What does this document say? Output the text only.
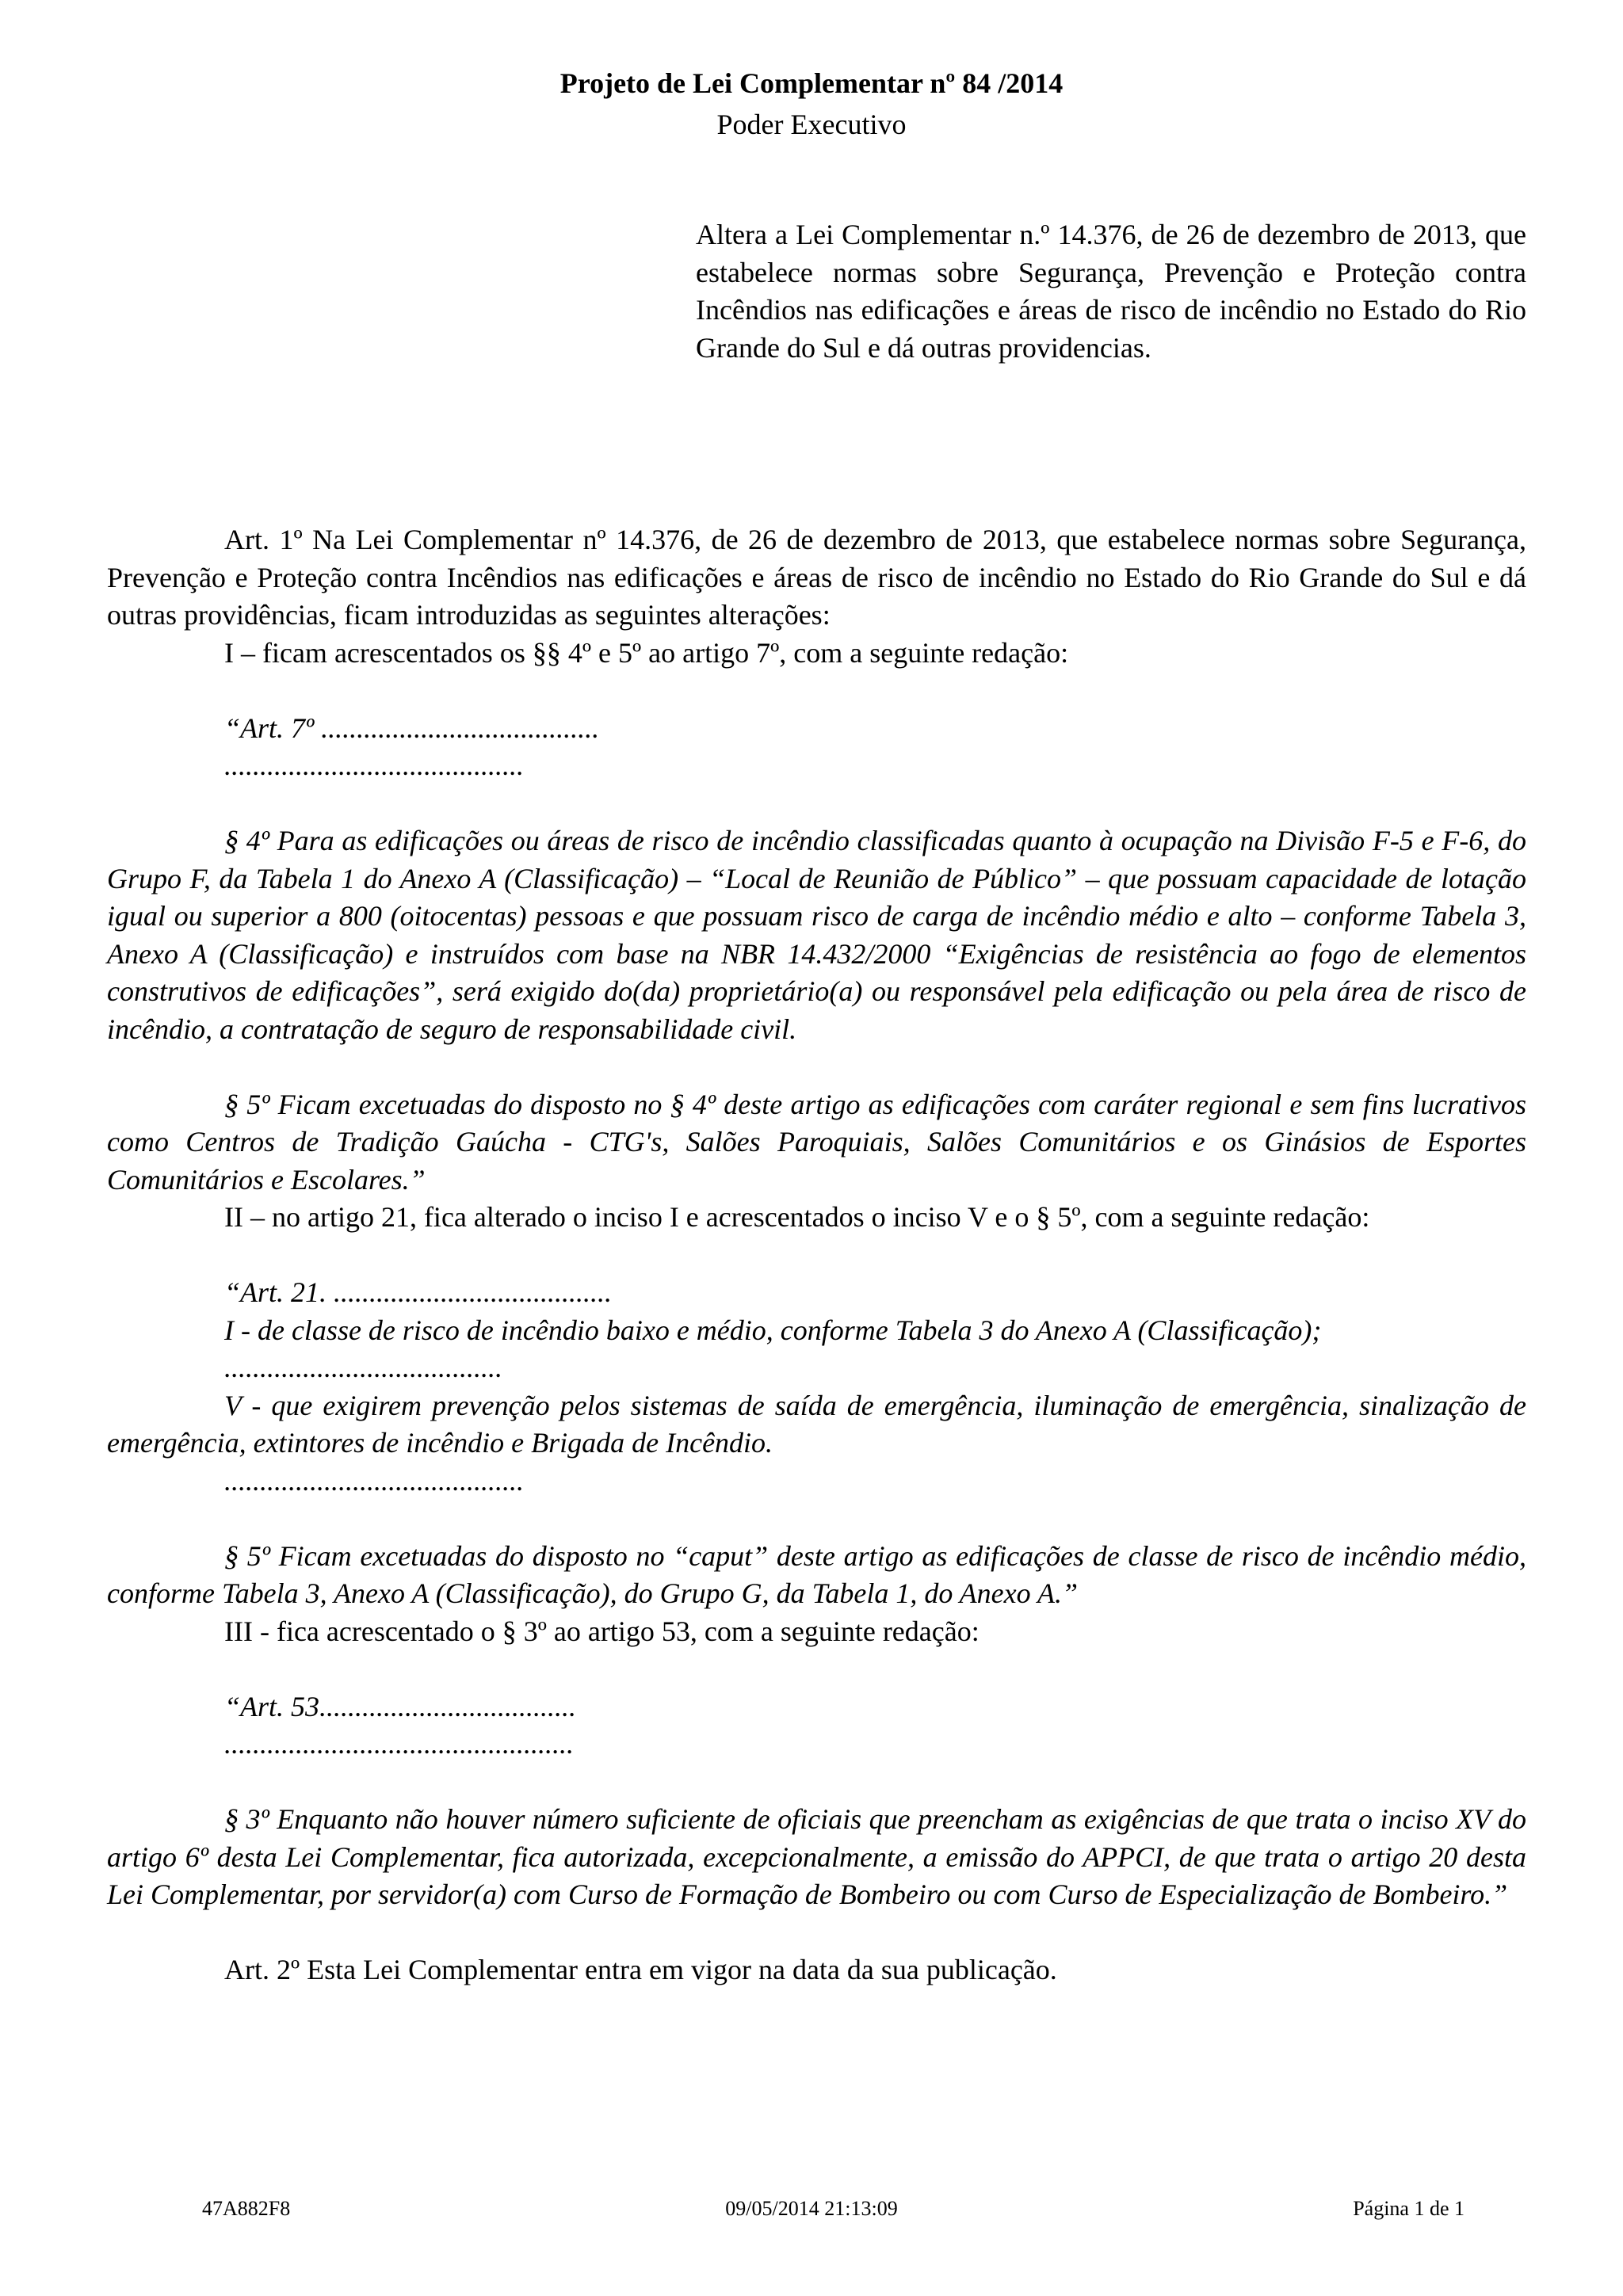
Projeto de Lei Complementar nº 84 /2014
Poder Executivo
Altera a Lei Complementar n.º 14.376, de 26 de dezembro de 2013, que estabelece normas sobre Segurança, Prevenção e Proteção contra Incêndios nas edificações e áreas de risco de incêndio no Estado do Rio Grande do Sul e dá outras providencias.

Art. 1º Na Lei Complementar nº 14.376, de 26 de dezembro de 2013, que estabelece normas sobre Segurança, Prevenção e Proteção contra Incêndios nas edificações e áreas de risco de incêndio no Estado do Rio Grande do Sul e dá outras providências, ficam introduzidas as seguintes alterações:

I – ficam acrescentados os §§ 4º e 5º ao artigo 7º, com a seguinte redação:

“Art. 7º .......................................

..........................................

§ 4º Para as edificações ou áreas de risco de incêndio classificadas quanto à ocupação na Divisão F-5 e F-6, do Grupo F, da Tabela 1 do Anexo A (Classificação) – “Local de Reunião de Público” – que possuam capacidade de lotação igual ou superior a 800 (oitocentas) pessoas e que possuam risco de carga de incêndio médio e alto – conforme Tabela 3, Anexo A (Classificação) e instruídos com base na NBR 14.432/2000 “Exigências de resistência ao fogo de elementos construtivos de edificações”, será exigido do(da) proprietário(a) ou responsável pela edificação ou pela área de risco de incêndio, a contratação de seguro de responsabilidade civil.

§ 5º Ficam excetuadas do disposto no § 4º deste artigo as edificações com caráter regional e sem fins lucrativos como Centros de Tradição Gaúcha - CTG's, Salões Paroquiais, Salões Comunitários e os Ginásios de Esportes Comunitários e Escolares.”

II – no artigo 21, fica alterado o inciso I e acrescentados o inciso V e o § 5º, com a seguinte redação:

“Art. 21. .......................................

I - de classe de risco de incêndio baixo e médio, conforme Tabela 3 do Anexo A (Classificação);

.......................................

V - que exigirem prevenção pelos sistemas de saída de emergência, iluminação de emergência, sinalização de emergência, extintores de incêndio e Brigada de Incêndio.

..........................................

§ 5º Ficam excetuadas do disposto no “caput” deste artigo as edificações de classe de risco de incêndio médio, conforme Tabela 3, Anexo A (Classificação), do Grupo G, da Tabela 1, do Anexo A.”

III - fica acrescentado o § 3º ao artigo 53, com a seguinte redação:

“Art. 53....................................

.................................................

§ 3º Enquanto não houver número suficiente de oficiais que preencham as exigências de que trata o inciso XV do artigo 6º desta Lei Complementar, fica autorizada, excepcionalmente, a emissão do APPCI, de que trata o artigo 20 desta Lei Complementar, por servidor(a) com Curso de Formação de Bombeiro ou com Curso de Especialização de Bombeiro.”

Art. 2º Esta Lei Complementar entra em vigor na data da sua publicação.

47A882F8	09/05/2014 21:13:09	Página 1 de 1
